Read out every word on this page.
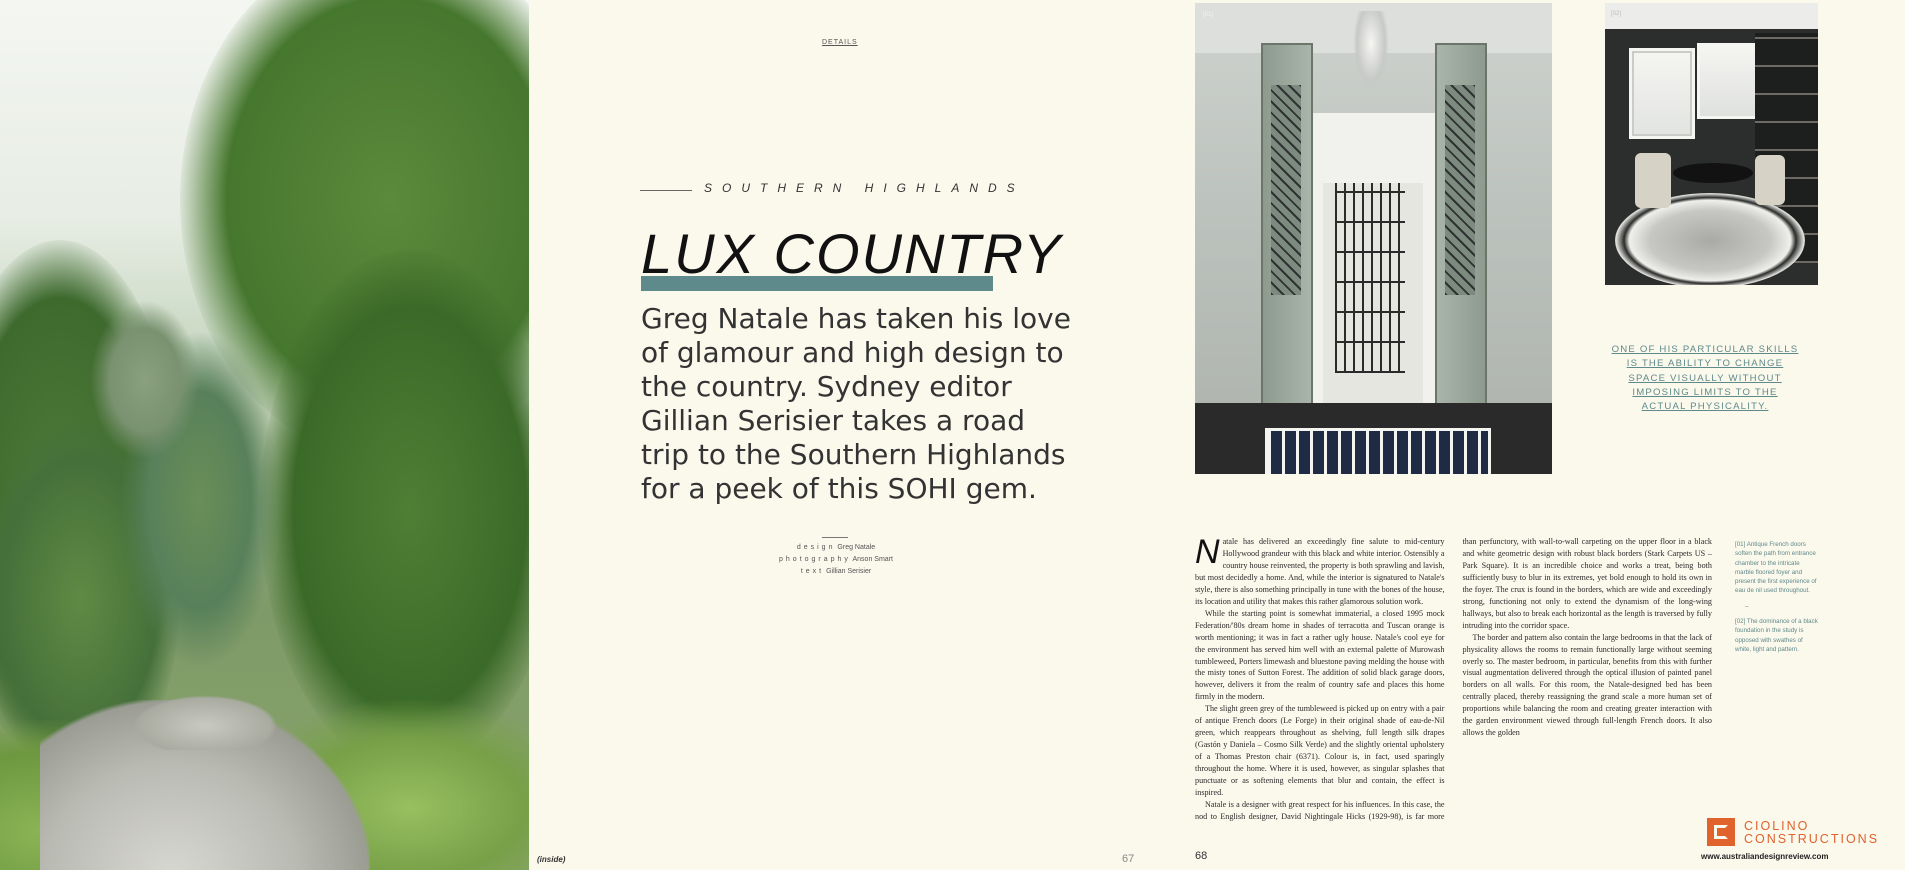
DETAILS
SOUTHERN HIGHLANDS
LUX COUNTRY
Greg Natale has taken his love of glamour and high design to the country. Sydney editor Gillian Serisier takes a road trip to the Southern Highlands for a peek of this SOHI gem.
design Greg Natale
photography Anson Smart
text Gillian Serisier
(inside)	67
[01]	[02]
ONE OF HIS PARTICULAR SKILLS IS THE ABILITY TO CHANGE SPACE VISUALLY WITHOUT IMPOSING LIMITS TO THE ACTUAL PHYSICALITY.

Natale has delivered an exceedingly fine salute to mid-century Hollywood grandeur with this black and white interior. Ostensibly a country house reinvented, the property is both sprawling and lavish, but most decidedly a home. And, while the interior is signatured to Natale's style, there is also something principally in tune with the bones of the house, its location and utility that makes this rather glamorous solution work.

While the starting point is somewhat immaterial, a closed 1995 mock Federation/'80s dream home in shades of terracotta and Tuscan orange is worth mentioning; it was in fact a rather ugly house. Natale's cool eye for the environment has served him well with an external palette of Murowash tumbleweed, Porters limewash and bluestone paving melding the house with the misty tones of Sutton Forest. The addition of solid black garage doors, however, delivers it from the realm of country safe and places this home firmly in the modern.

The slight green grey of the tumbleweed is picked up on entry with a pair of antique French doors (Le Forge) in their original shade of eau-de-Nil green, which reappears throughout as shelving, full length silk drapes (Gastón y Daniela – Cosmo Silk Verde) and the slightly oriental upholstery of a Thomas Preston chair (6371). Colour is, in fact, used sparingly throughout the home. Where it is used, however, as singular splashes that punctuate or as softening elements that blur and contain, the effect is inspired.

Natale is a designer with great respect for his influences. In this case, the nod to English designer, David Nightingale Hicks (1929-98), is far more than perfunctory, with wall-to-wall carpeting on the upper floor in a black and white geometric design with robust black borders (Stark Carpets US – Park Square). It is an incredible choice and works a treat, being both sufficiently busy to blur in its extremes, yet bold enough to hold its own in the foyer. The crux is found in the borders, which are wide and exceedingly strong, functioning not only to extend the dynamism of the long-wing hallways, but also to break each horizontal as the length is traversed by fully intruding into the corridor space.

The border and pattern also contain the large bedrooms in that the lack of physicality allows the rooms to remain functionally large without seeming overly so. The master bedroom, in particular, benefits from this with further visual augmentation delivered through the optical illusion of painted panel borders on all walls. For this room, the Natale-designed bed has been centrally placed, thereby reassigning the grand scale a more human set of proportions while balancing the room and creating greater interaction with the garden environment viewed through full-length French doors. It also allows the golden

[01] Antique French doors soften the path from entrance chamber to the intricate marble floored foyer and present the first experience of eau de nil used throughout.
–
[02] The dominance of a black foundation in the study is opposed with swathes of white, light and pattern.
CIOLINO
CONSTRUCTIONS
68	www.australiandesignreview.com
